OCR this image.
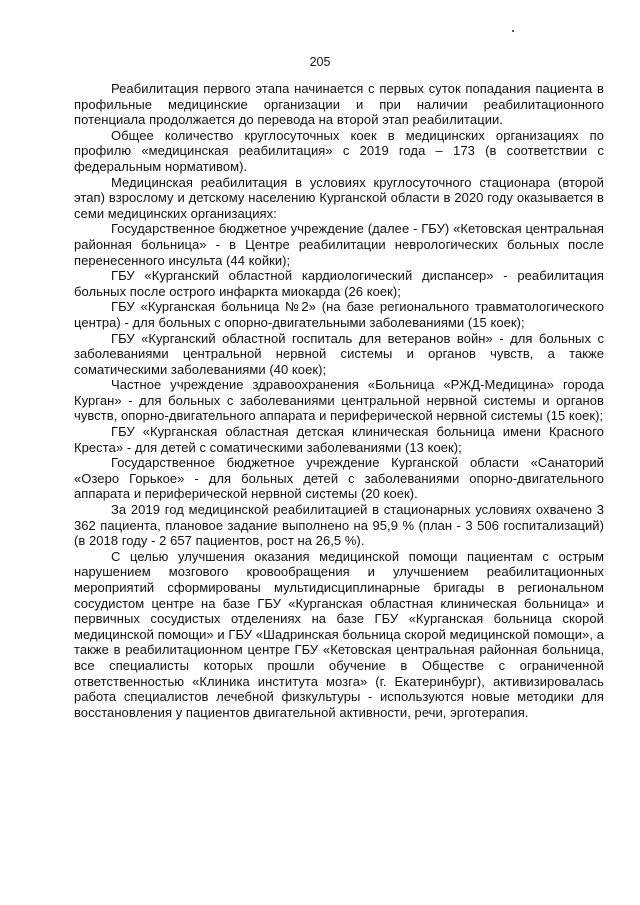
205

Реабилитация первого этапа начинается с первых суток попадания пациента в профильные медицинские организации и при наличии реабилитационного потенциала продолжается до перевода на второй этап реабилитации.

Общее количество круглосуточных коек в медицинских организациях по профилю «медицинская реабилитация» с 2019 года – 173 (в соответствии с федеральным нормативом).

Медицинская реабилитация в условиях круглосуточного стационара (второй этап) взрослому и детскому населению Курганской области в 2020 году оказывается в семи медицинских организациях:

Государственное бюджетное учреждение (далее - ГБУ) «Кетовская центральная районная больница» - в Центре реабилитации неврологических больных после перенесенного инсульта (44 койки);

ГБУ «Курганский областной кардиологический диспансер» - реабилитация больных после острого инфаркта миокарда (26 коек);

ГБУ «Курганская больница №2» (на базе регионального травматологического центра) - для больных с опорно-двигательными заболеваниями (15 коек);

ГБУ «Курганский областной госпиталь для ветеранов войн» - для больных с заболеваниями центральной нервной системы и органов чувств, а также соматическими заболеваниями (40 коек);

Частное учреждение здравоохранения «Больница «РЖД-Медицина» города Курган» - для больных с заболеваниями центральной нервной системы и органов чувств, опорно-двигательного аппарата и периферической нервной системы (15 коек);

ГБУ «Курганская областная детская клиническая больница имени Красного Креста» - для детей с соматическими заболеваниями (13 коек);

Государственное бюджетное учреждение Курганской области «Санаторий «Озеро Горькое» - для больных детей с заболеваниями опорно-двигательного аппарата и периферической нервной системы (20 коек).

За 2019 год медицинской реабилитацией в стационарных условиях охвачено 3 362 пациента, плановое задание выполнено на 95,9 % (план - 3 506 госпитализаций) (в 2018 году - 2 657 пациентов, рост на 26,5 %).

С целью улучшения оказания медицинской помощи пациентам с острым нарушением мозгового кровообращения и улучшением реабилитационных мероприятий сформированы мультидисциплинарные бригады в региональном сосудистом центре на базе ГБУ «Курганская областная клиническая больница» и первичных сосудистых отделениях на базе ГБУ «Курганская больница скорой медицинской помощи» и ГБУ «Шадринская больница скорой медицинской помощи», а также в реабилитационном центре ГБУ «Кетовская центральная районная больница, все специалисты которых прошли обучение в Обществе с ограниченной ответственностью «Клиника института мозга» (г. Екатеринбург), активизировалась работа специалистов лечебной физкультуры - используются новые методики для восстановления у пациентов двигательной активности, речи, эрготерапия.
